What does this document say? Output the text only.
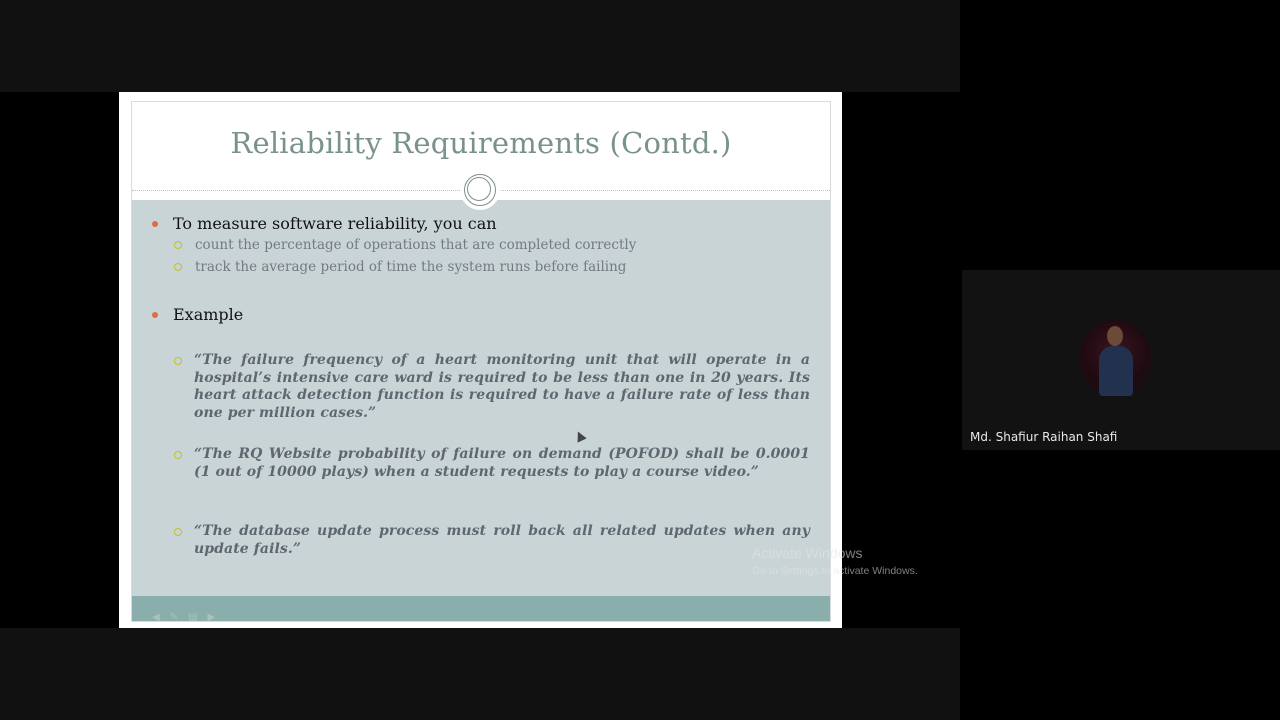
Reliability Requirements (Contd.)
To measure software reliability, you can
count the percentage of operations that are completed correctly
track the average period of time the system runs before failing
Example
“The failure frequency of a heart monitoring unit that will operate in a hospital’s intensive care ward is required to be less than one in 20 years. Its heart attack detection function is required to have a failure rate of less than one per million cases.”
“The RQ Website probability of failure on demand (POFOD) shall be 0.0001 (1 out of 10000 plays) when a student requests to play a course video.”
“The database update process must roll back all related updates when any update fails.”
◀ ✎ ▤ ▶
Activate Windows
Go to Settings to activate Windows.
Md. Shafiur Raihan Shafi
